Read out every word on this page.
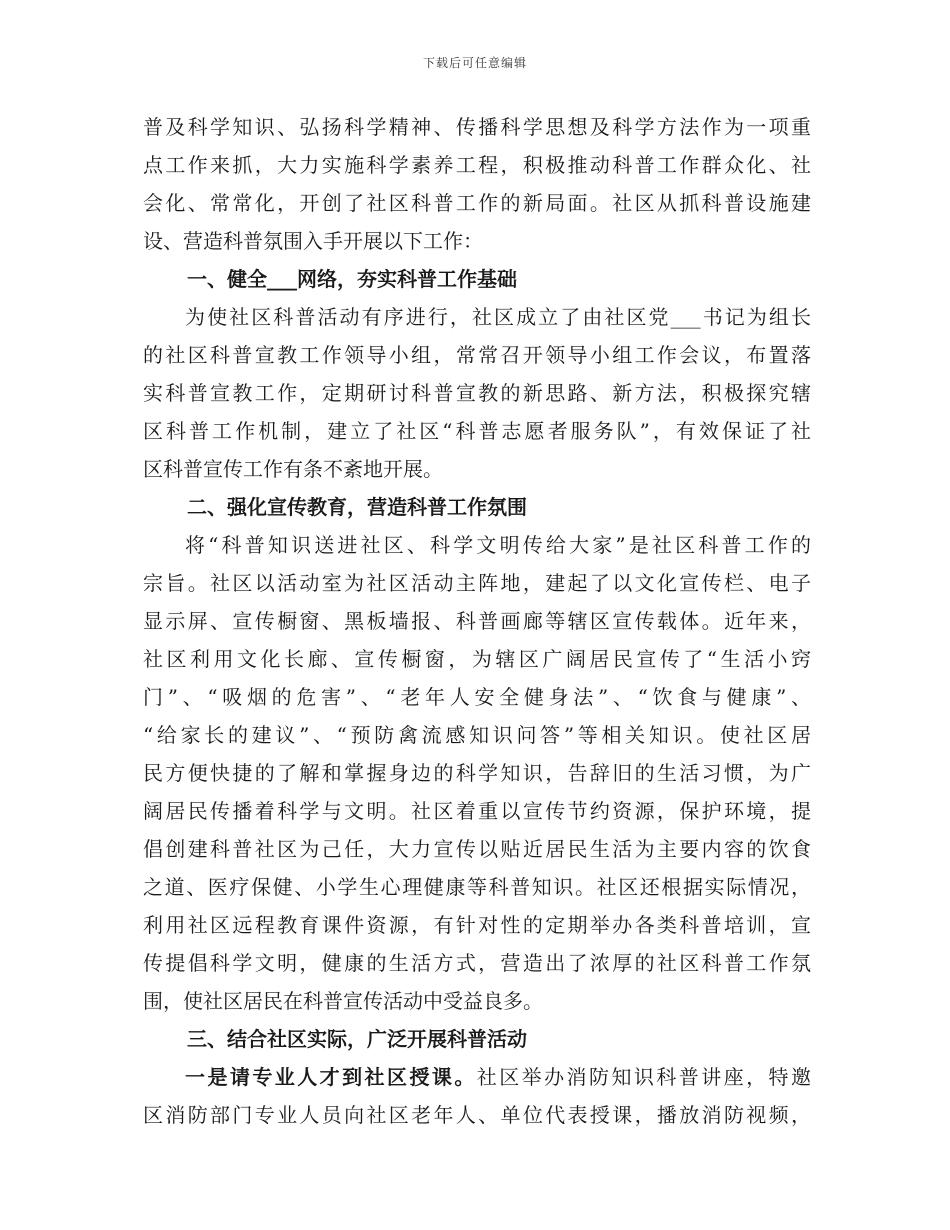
下载后可任意编辑
普及科学知识、弘扬科学精神、传播科学思想及科学方法作为一项重
点工作来抓，大力实施科学素养工程，积极推动科普工作群众化、社
会化、常常化，开创了社区科普工作的新局面。社区从抓科普设施建
设、营造科普氛围入手开展以下工作：
一、健全___网络，夯实科普工作基础
为使社区科普活动有序进行，社区成立了由社区党___书记为组长
的社区科普宣教工作领导小组，常常召开领导小组工作会议，布置落
实科普宣教工作，定期研讨科普宣教的新思路、新方法，积极探究辖
区科普工作机制，建立了社区“科普志愿者服务队”，有效保证了社
区科普宣传工作有条不紊地开展。
二、强化宣传教育，营造科普工作氛围
将“科普知识送进社区、科学文明传给大家”是社区科普工作的
宗旨。社区以活动室为社区活动主阵地，建起了以文化宣传栏、电子
显示屏、宣传橱窗、黑板墙报、科普画廊等辖区宣传载体。近年来，
社区利用文化长廊、宣传橱窗，为辖区广阔居民宣传了“生活小窍
门”、“吸烟的危害”、“老年人安全健身法”、“饮食与健康”、
“给家长的建议”、“预防禽流感知识问答”等相关知识。使社区居
民方便快捷的了解和掌握身边的科学知识，告辞旧的生活习惯，为广
阔居民传播着科学与文明。社区着重以宣传节约资源，保护环境，提
倡创建科普社区为己任，大力宣传以贴近居民生活为主要内容的饮食
之道、医疗保健、小学生心理健康等科普知识。社区还根据实际情况，
利用社区远程教育课件资源，有针对性的定期举办各类科普培训，宣
传提倡科学文明，健康的生活方式，营造出了浓厚的社区科普工作氛
围，使社区居民在科普宣传活动中受益良多。
三、结合社区实际，广泛开展科普活动
一是请专业人才到社区授课。社区举办消防知识科普讲座，特邀
区消防部门专业人员向社区老年人、单位代表授课，播放消防视频，
